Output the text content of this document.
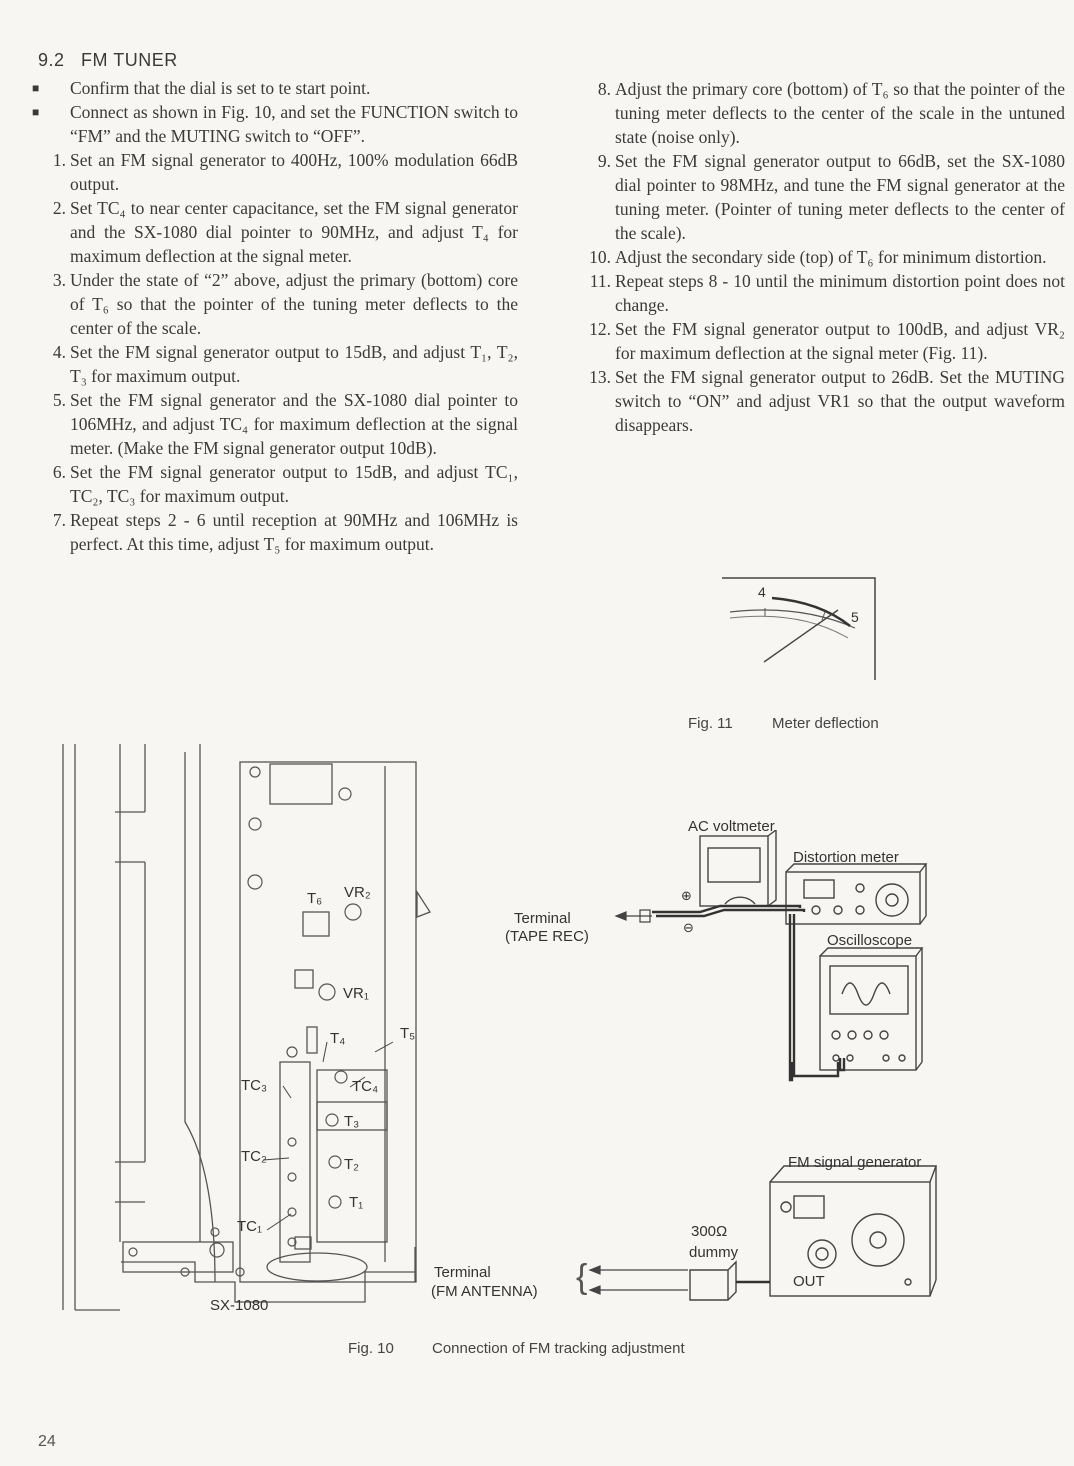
9.2 FM TUNER
■ Confirm that the dial is set to te start point.
■ Connect as shown in Fig. 10, and set the FUNCTION switch to “FM” and the MUTING switch to “OFF”.
1. Set an FM signal generator to 400Hz, 100% modulation 66dB output.
2. Set TC₄ to near center capacitance, set the FM signal generator and the SX-1080 dial pointer to 90MHz, and adjust T₄ for maximum deflection at the signal meter.
3. Under the state of “2” above, adjust the primary (bottom) core of T₆ so that the pointer of the tuning meter deflects to the center of the scale.
4. Set the FM signal generator output to 15dB, and adjust T₁, T₂, T₃ for maximum output.
5. Set the FM signal generator and the SX-1080 dial pointer to 106MHz, and adjust TC₄ for maximum deflection at the signal meter. (Make the FM signal generator output 10dB).
6. Set the FM signal generator output to 15dB, and adjust TC₁, TC₂, TC₃ for maximum output.
7. Repeat steps 2 - 6 until reception at 90MHz and 106MHz is perfect. At this time, adjust T₅ for maximum output.
8. Adjust the primary core (bottom) of T₆ so that the pointer of the tuning meter deflects to the center of the scale in the untuned state (noise only).
9. Set the FM signal generator output to 66dB, set the SX-1080 dial pointer to 98MHz, and tune the FM signal generator at the tuning meter. (Pointer of tuning meter deflects to the center of the scale).
10. Adjust the secondary side (top) of T₆ for minimum distortion.
11. Repeat steps 8 - 10 until the minimum distortion point does not change.
12. Set the FM signal generator output to 100dB, and adjust VR₂ for maximum deflection at the signal meter (Fig. 11).
13. Set the FM signal generator output to 26dB. Set the MUTING switch to “ON” and adjust VR1 so that the output waveform disappears.
4
5
Fig. 11	Meter deflection
T₆ VR₂
VR₁
T₄	T₅
TC₃	TC₄
T₃
TC₂	T₂
T₁
TC₁
SX-1080
AC voltmeter
Distortion meter
Oscilloscope
FM signal generator
300Ω
dummy
OUT
⊕
⊖
Terminal
(TAPE REC)
Terminal
(FM ANTENNA) {
Fig. 10	Connection of FM tracking adjustment
24
